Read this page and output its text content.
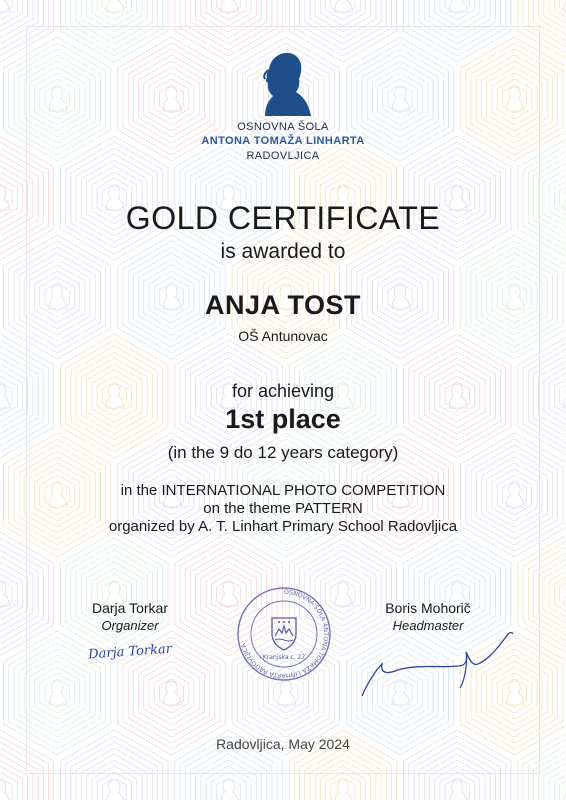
OSNOVNA ŠOLA
ANTONA TOMAŽA LINHARTA
RADOVLJICA
GOLD CERTIFICATE
is awarded to
ANJA TOST
OŠ Antunovac
for achieving
1st place
(in the 9 do 12 years category)
in the INTERNATIONAL PHOTO COMPETITION
on the theme PATTERN
organized by A. T. Linhart Primary School Radovljica
Darja Torkar
Organizer
Darja Torkar
OSNOVNA ŠOLA ANTONA TOMAŽA LINHARTA RADOVLJICA
Kranjska c. 27
Boris Mohorič
Headmaster
Radovljica, May 2024
